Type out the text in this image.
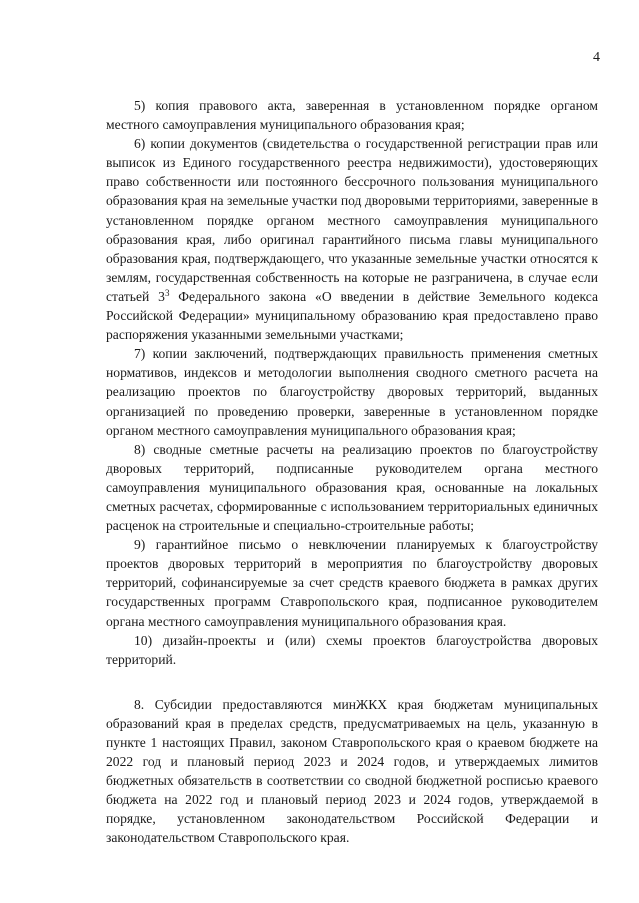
4

5) копия правового акта, заверенная в установленном порядке органом местного самоуправления муниципального образования края;

6) копии документов (свидетельства о государственной регистрации прав или выписок из Единого государственного реестра недвижимости), удостоверяющих право собственности или постоянного бессрочного пользования муниципального образования края на земельные участки под дворовыми территориями, заверенные в установленном порядке органом местного самоуправления муниципального образования края, либо оригинал гарантийного письма главы муниципального образования края, подтверждающего, что указанные земельные участки относятся к землям, государственная собственность на которые не разграничена, в случае если статьей $3^3$ Федерального закона «О введении в действие Земельного кодекса Российской Федерации» муниципальному образованию края предоставлено право распоряжения указанными земельными участками;

7) копии заключений, подтверждающих правильность применения сметных нормативов, индексов и методологии выполнения сводного сметного расчета на реализацию проектов по благоустройству дворовых территорий, выданных организацией по проведению проверки, заверенные в установленном порядке органом местного самоуправления муниципального образования края;

8) сводные сметные расчеты на реализацию проектов по благоустройству дворовых территорий, подписанные руководителем органа местного самоуправления муниципального образования края, основанные на локальных сметных расчетах, сформированные с использованием территориальных единичных расценок на строительные и специально-строительные работы;

9) гарантийное письмо о невключении планируемых к благоустройству проектов дворовых территорий в мероприятия по благоустройству дворовых территорий, софинансируемые за счет средств краевого бюджета в рамках других государственных программ Ставропольского края, подписанное руководителем органа местного самоуправления муниципального образования края.

10) дизайн-проекты и (или) схемы проектов благоустройства дворовых территорий.

8. Субсидии предоставляются минЖКХ края бюджетам муниципальных образований края в пределах средств, предусматриваемых на цель, указанную в пункте 1 настоящих Правил, законом Ставропольского края о краевом бюджете на 2022 год и плановый период 2023 и 2024 годов, и утверждаемых лимитов бюджетных обязательств в соответствии со сводной бюджетной росписью краевого бюджета на 2022 год и плановый период 2023 и 2024 годов, утверждаемой в порядке, установленном законодательством Российской Федерации и законодательством Ставропольского края.
